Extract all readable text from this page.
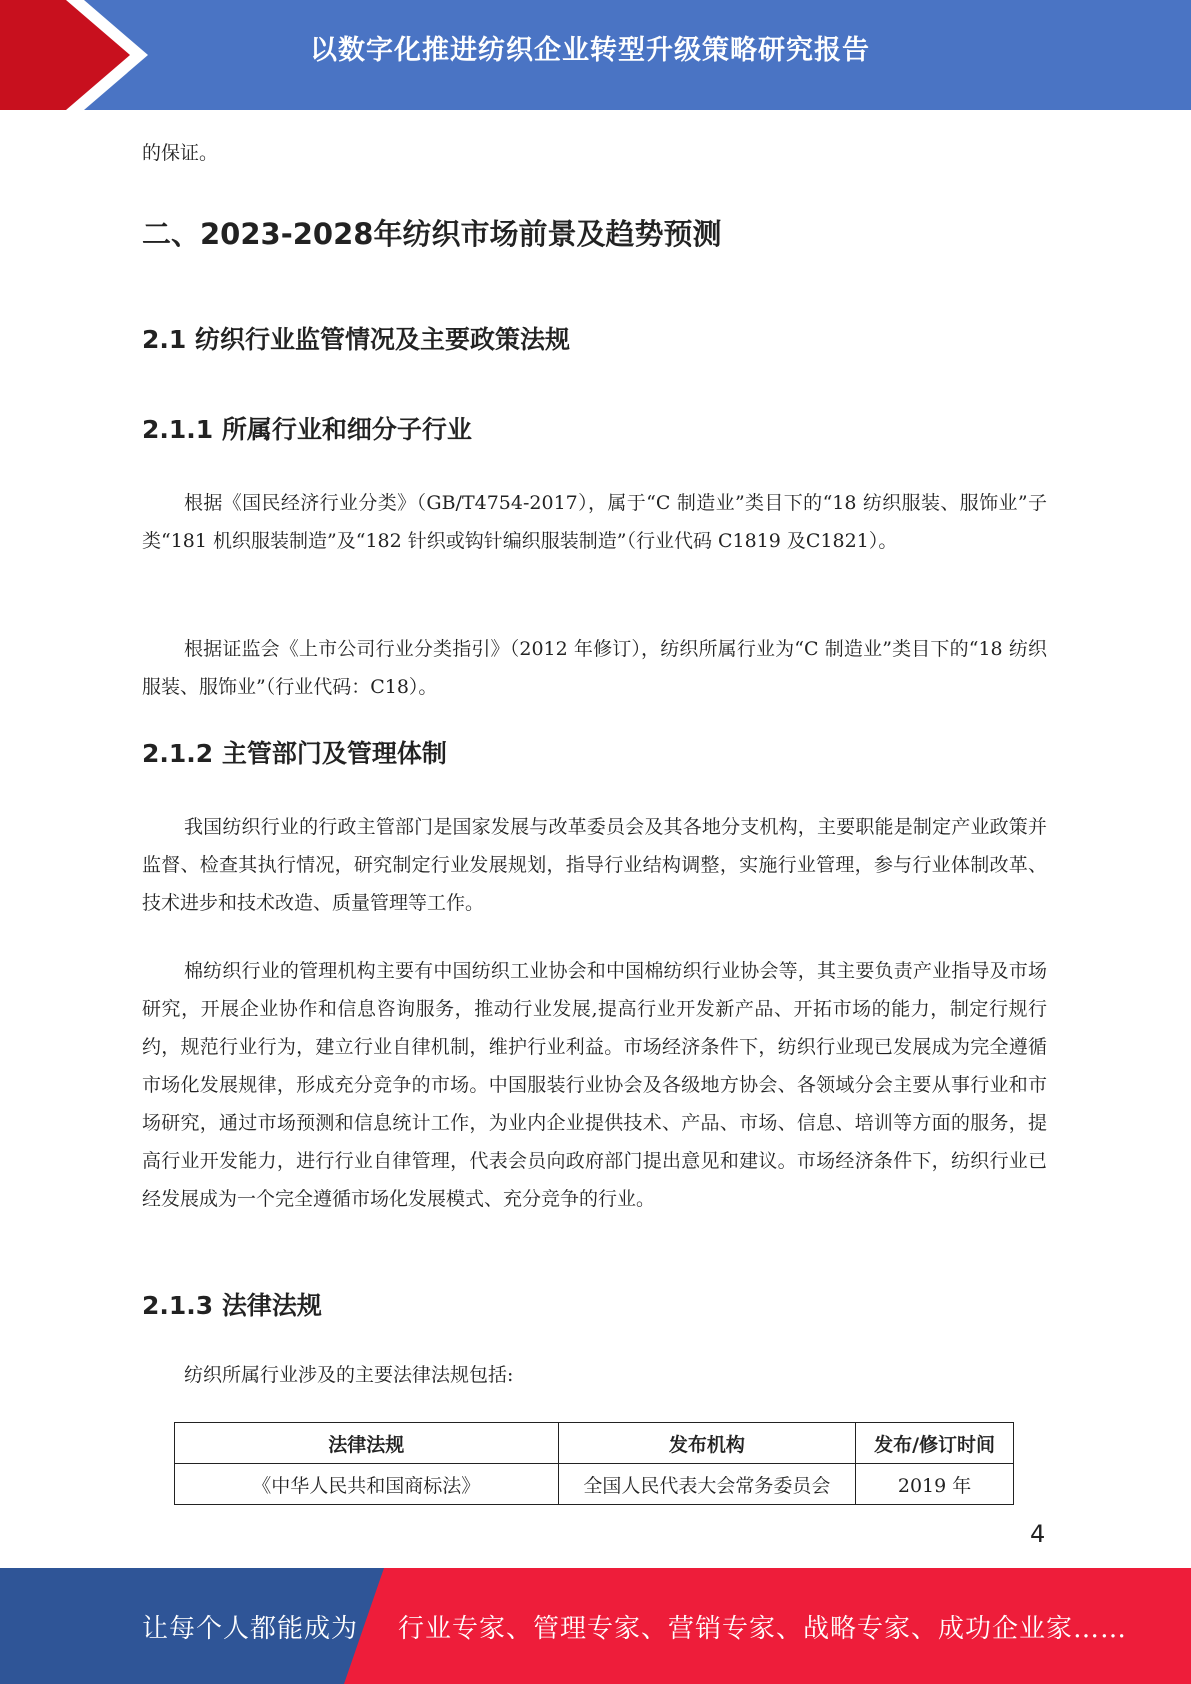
以数字化推进纺织企业转型升级策略研究报告

的保证。

二、2023-2028年纺织市场前景及趋势预测
2.1 纺织行业监管情况及主要政策法规
2.1.1 所属行业和细分子行业

根据《国民经济行业分类》（GB/T4754-2017），属于“C 制造业”类目下的“18 纺织服装、服饰业”子类“181 机织服装制造”及“182 针织或钩针编织服装制造”（行业代码 C1819 及C1821）。

根据证监会《上市公司行业分类指引》（2012 年修订），纺织所属行业为“C 制造业”类目下的“18 纺织服装、服饰业”（行业代码：C18）。

2.1.2 主管部门及管理体制

我国纺织行业的行政主管部门是国家发展与改革委员会及其各地分支机构，主要职能是制定产业政策并监督、检查其执行情况，研究制定行业发展规划，指导行业结构调整，实施行业管理，参与行业体制改革、技术进步和技术改造、质量管理等工作。

棉纺织行业的管理机构主要有中国纺织工业协会和中国棉纺织行业协会等，其主要负责产业指导及市场研究，开展企业协作和信息咨询服务，推动行业发展,提高行业开发新产品、开拓市场的能力，制定行规行约，规范行业行为，建立行业自律机制，维护行业利益。市场经济条件下，纺织行业现已发展成为完全遵循市场化发展规律，形成充分竞争的市场。中国服装行业协会及各级地方协会、各领域分会主要从事行业和市场研究，通过市场预测和信息统计工作，为业内企业提供技术、产品、市场、信息、培训等方面的服务，提高行业开发能力，进行行业自律管理，代表会员向政府部门提出意见和建议。市场经济条件下，纺织行业已经发展成为一个完全遵循市场化发展模式、充分竞争的行业。

2.1.3 法律法规

纺织所属行业涉及的主要法律法规包括:

法律法规	发布机构	发布/修订时间
《中华人民共和国商标法》	全国人民代表大会常务委员会	2019 年
4
让每个人都能成为 行业专家、管理专家、营销专家、战略专家、成功企业家……
